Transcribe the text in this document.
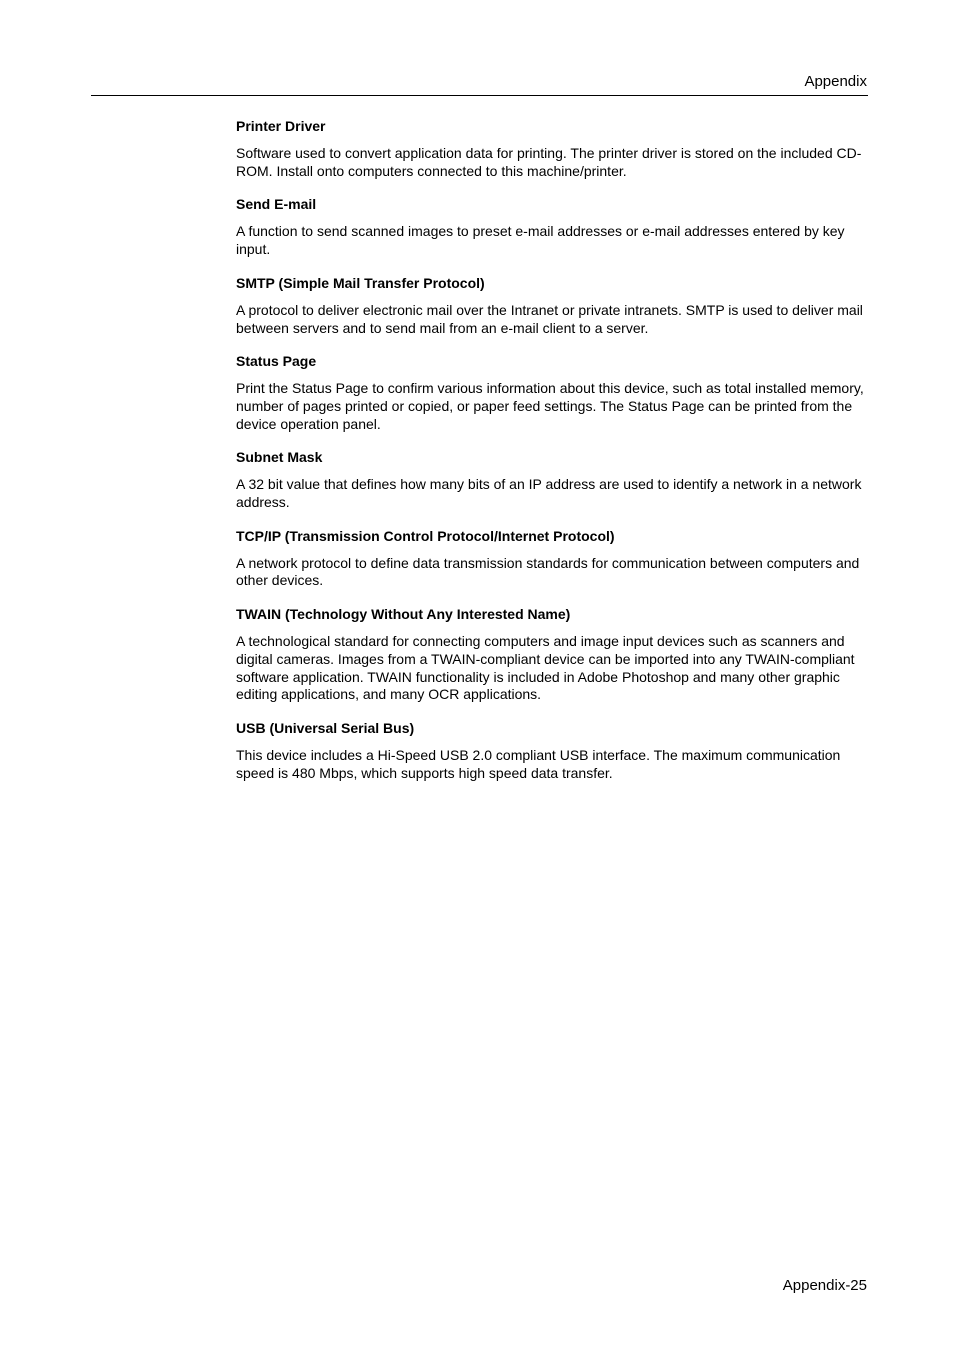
Appendix

Printer Driver

Software used to convert application data for printing. The printer driver is stored on the included CD-ROM. Install onto computers connected to this machine/printer.

Send E-mail

A function to send scanned images to preset e-mail addresses or e-mail addresses entered by key input.

SMTP (Simple Mail Transfer Protocol)

A protocol to deliver electronic mail over the Intranet or private intranets. SMTP is used to deliver mail between servers and to send mail from an e-mail client to a server.

Status Page

Print the Status Page to confirm various information about this device, such as total installed memory, number of pages printed or copied, or paper feed settings. The Status Page can be printed from the device operation panel.

Subnet Mask

A 32 bit value that defines how many bits of an IP address are used to identify a network in a network address.

TCP/IP (Transmission Control Protocol/Internet Protocol)

A network protocol to define data transmission standards for communication between computers and other devices.

TWAIN (Technology Without Any Interested Name)

A technological standard for connecting computers and image input devices such as scanners and digital cameras. Images from a TWAIN-compliant device can be imported into any TWAIN-compliant software application. TWAIN functionality is included in Adobe Photoshop and many other graphic editing applications, and many OCR applications.

USB (Universal Serial Bus)

This device includes a Hi-Speed USB 2.0 compliant USB interface. The maximum communication speed is 480 Mbps, which supports high speed data transfer.

Appendix-25
